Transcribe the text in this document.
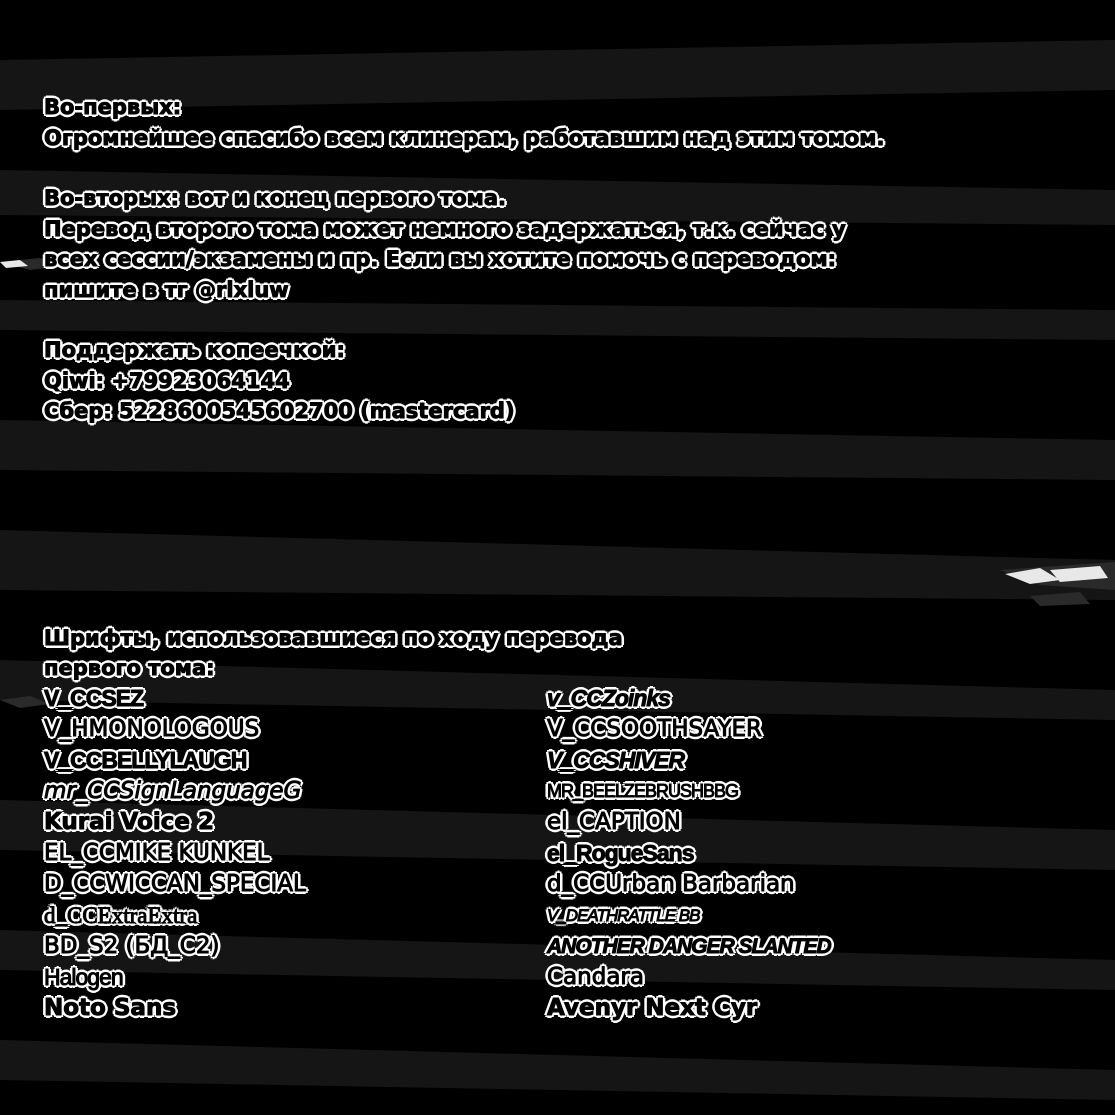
Во-первых:
Огромнейшее спасибо всем клинерам, работавшим над этим томом.
Во-вторых: вот и конец первого тома.
Перевод второго тома может немного задержаться, т.к. сейчас у
всех сессии/экзамены и пр. Если вы хотите помочь с переводом:
пишите в тг @rlxluw
Поддержать копеечкой:
Qiwi: +79923064144
Сбер: 5228600545602700 (mastercard)
Шрифты, использовавшиеся по ходу перевода
первого тома:
V_CCSEZ
V_HMONOLOGOUS
V_CCBELLYLAUGH
mr_CCSignLanguageG
Kurai Voice 2
EL_CCMIKE KUNKEL
D_CCWICCAN_SPECIAL
d_CCExtraExtra
BD_S2 (БД_С2)
Halogen
Noto Sans
v_CCZoinks
V_CCSOOTHSAYER
V_CCSHIVER
MR_BEELZEBRUSHBBG
el_CAPTION
el_RogueSans
d_CCUrban Barbarian
V_DEATHRATTLE BB
ANOTHER DANGER SLANTED
Candara
Avenyr Next Cyr
